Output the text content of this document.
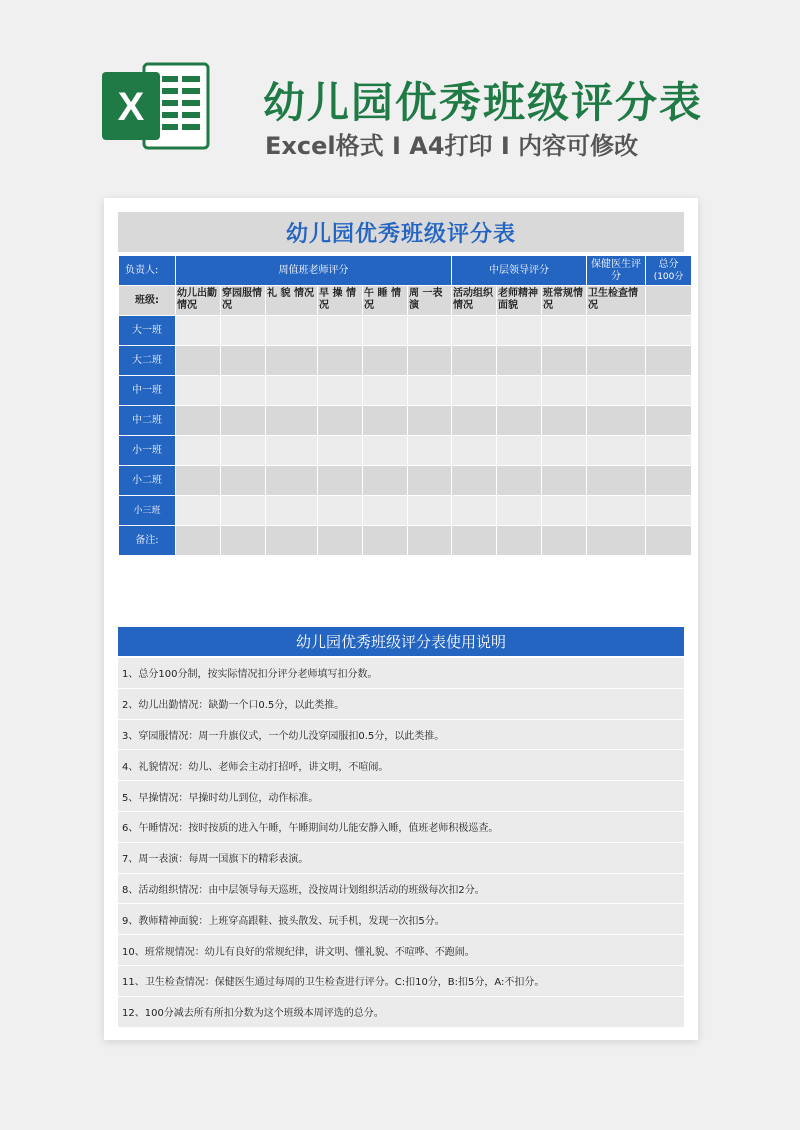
X	幼儿园优秀班级评分表
Excel格式 I A4打印 I 内容可修改
幼儿园优秀班级评分表
负责人:	周值班老师评分						中层领导评分			保健医生评分	总分
(100分

班级:	幼儿出勤情况	穿园服情况	礼 貌 情况	早 操 情况	午 睡 情况	周 一表演	活动组织情况	老师精神面貌	班常规情况	卫生检查情况	
大一班											
大二班											
中一班											
中二班											
小一班											
小二班											
小三班											
备注:											
幼儿园优秀班级评分表使用说明
1、总分100分制，按实际情况扣分评分老师填写扣分数。
2、幼儿出勤情况：缺勤一个口0.5分，以此类推。
3、穿园服情况：周一升旗仪式，一个幼儿没穿园服扣0.5分，以此类推。
4、礼貌情况：幼儿、老师会主动打招呼，讲文明，不喧闹。
5、早操情况：早操时幼儿到位，动作标准。
6、午睡情况：按时按质的进入午睡，午睡期间幼儿能安静入睡，值班老师积极巡查。
7、周一表演：每周一国旗下的精彩表演。
8、活动组织情况：由中层领导每天巡班，没按周计划组织活动的班级每次扣2分。
9、教师精神面貌：上班穿高跟鞋、披头散发、玩手机，发现一次扣5分。
10、班常规情况：幼儿有良好的常规纪律，讲文明、懂礼貌、不喧哗、不跑闹。
11、卫生检查情况：保健医生通过每周的卫生检查进行评分。C:扣10分，B:扣5分，A:不扣分。
12、100分减去所有所扣分数为这个班级本周评选的总分。
